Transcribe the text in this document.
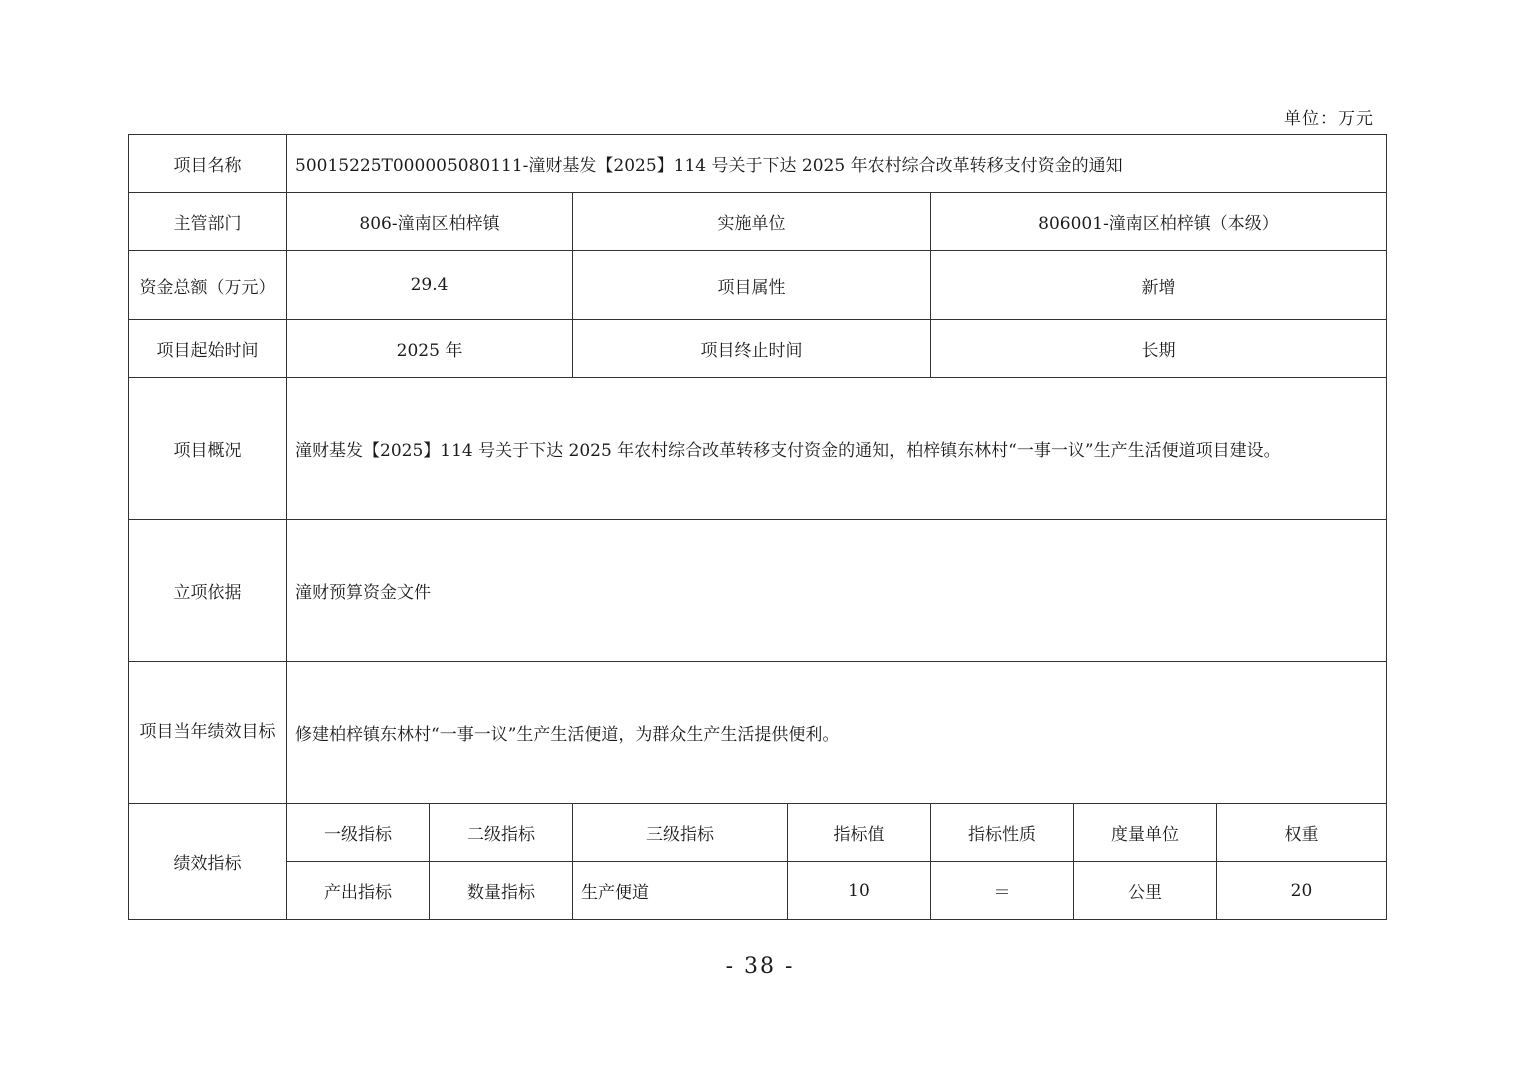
单位：万元
项目名称	50015225T000005080111-潼财基发【2025】114 号关于下达 2025 年农村综合改革转移支付资金的通知						
主管部门	806-潼南区柏梓镇		实施单位		806001-潼南区柏梓镇（本级）		
资金总额（万元）	29.4		项目属性		新增		
项目起始时间	2025 年		项目终止时间		长期		
项目概况	潼财基发【2025】114 号关于下达 2025 年农村综合改革转移支付资金的通知，柏梓镇东林村“一事一议”生产生活便道项目建设。						
立项依据	潼财预算资金文件						
项目当年绩效目标	修建柏梓镇东林村“一事一议”生产生活便道，为群众生产生活提供便利。						
绩效指标	一级指标	二级指标	三级指标	指标值	指标性质	度量单位	权重
	产出指标	数量指标	生产便道	10	＝	公里	20
- 38 -
